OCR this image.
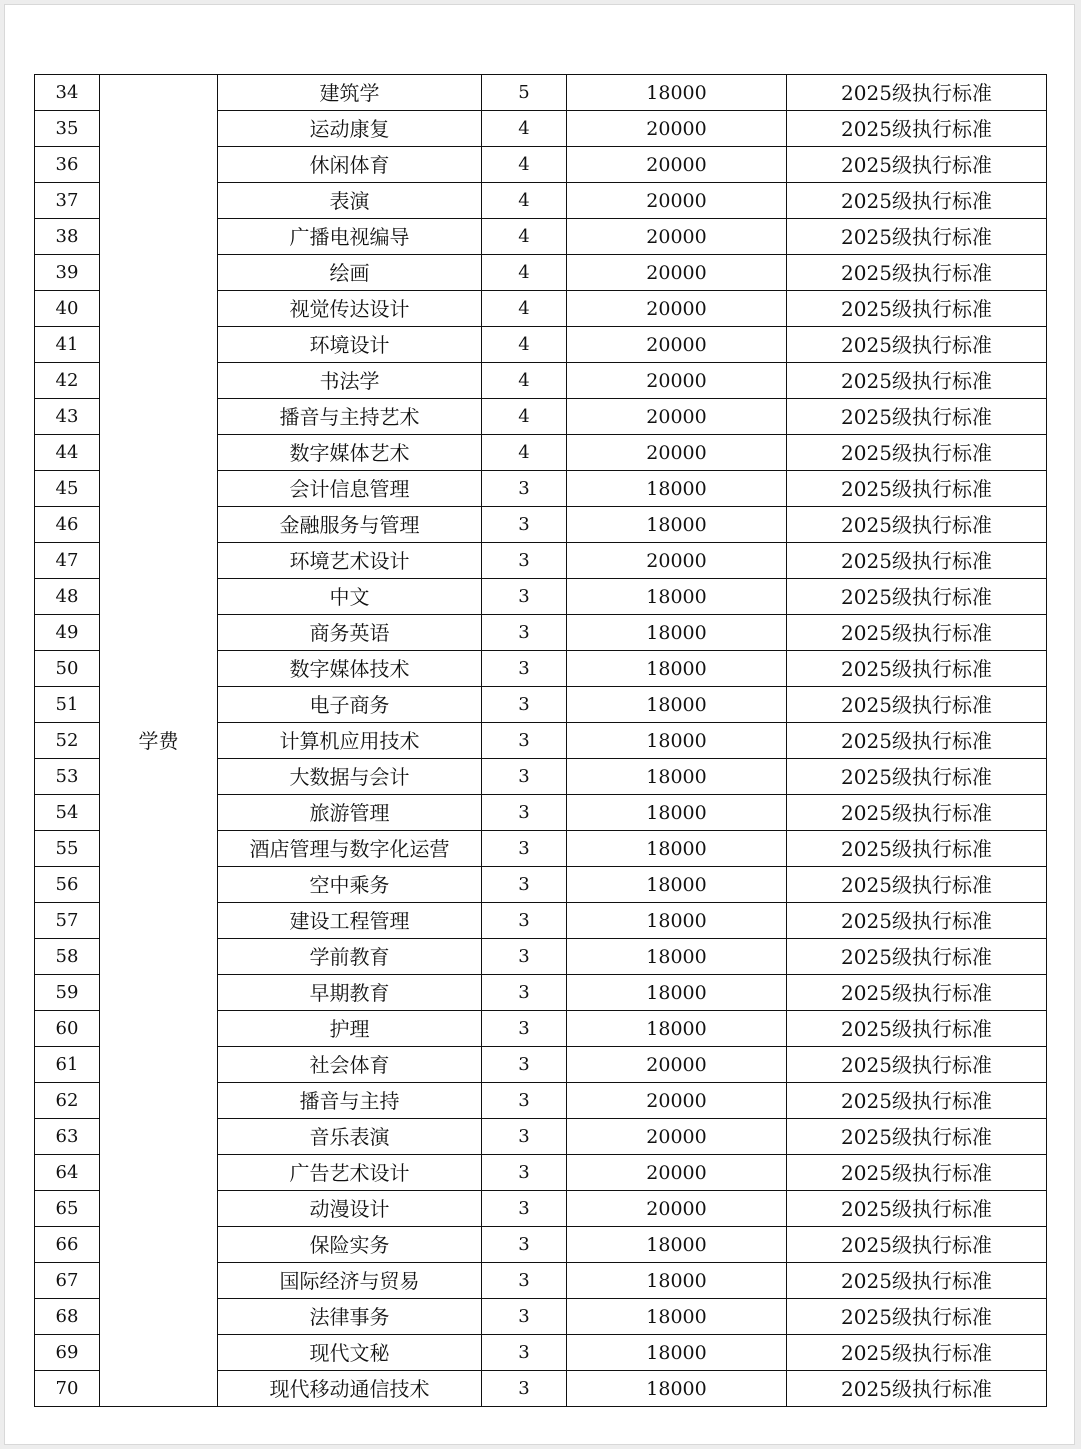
34	学费	建筑学	5	18000	2025级执行标准
35		运动康复	4	20000	2025级执行标准
36		休闲体育	4	20000	2025级执行标准
37		表演	4	20000	2025级执行标准
38		广播电视编导	4	20000	2025级执行标准
39		绘画	4	20000	2025级执行标准
40		视觉传达设计	4	20000	2025级执行标准
41		环境设计	4	20000	2025级执行标准
42		书法学	4	20000	2025级执行标准
43		播音与主持艺术	4	20000	2025级执行标准
44		数字媒体艺术	4	20000	2025级执行标准
45		会计信息管理	3	18000	2025级执行标准
46		金融服务与管理	3	18000	2025级执行标准
47		环境艺术设计	3	20000	2025级执行标准
48		中文	3	18000	2025级执行标准
49		商务英语	3	18000	2025级执行标准
50		数字媒体技术	3	18000	2025级执行标准
51		电子商务	3	18000	2025级执行标准
52		计算机应用技术	3	18000	2025级执行标准
53		大数据与会计	3	18000	2025级执行标准
54		旅游管理	3	18000	2025级执行标准
55		酒店管理与数字化运营	3	18000	2025级执行标准
56		空中乘务	3	18000	2025级执行标准
57		建设工程管理	3	18000	2025级执行标准
58		学前教育	3	18000	2025级执行标准
59		早期教育	3	18000	2025级执行标准
60		护理	3	18000	2025级执行标准
61		社会体育	3	20000	2025级执行标准
62		播音与主持	3	20000	2025级执行标准
63		音乐表演	3	20000	2025级执行标准
64		广告艺术设计	3	20000	2025级执行标准
65		动漫设计	3	20000	2025级执行标准
66		保险实务	3	18000	2025级执行标准
67		国际经济与贸易	3	18000	2025级执行标准
68		法律事务	3	18000	2025级执行标准
69		现代文秘	3	18000	2025级执行标准
70		现代移动通信技术	3	18000	2025级执行标准
